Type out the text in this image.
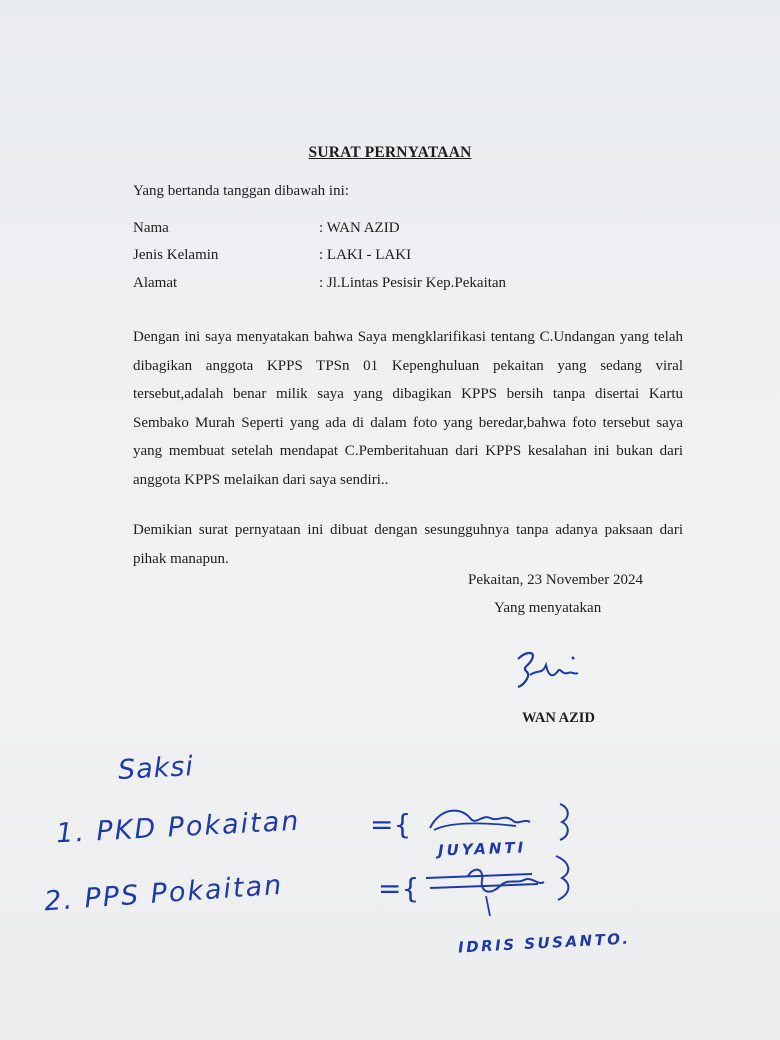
SURAT PERNYATAAN
Yang bertanda tanggan dibawah ini:
Nama	: WAN AZID
Jenis Kelamin	: LAKI - LAKI
Alamat	: Jl.Lintas Pesisir Kep.Pekaitan
Dengan ini saya menyatakan bahwa Saya mengklarifikasi tentang C.Undangan yang telah dibagikan anggota KPPS TPSn 01 Kepenghuluan pekaitan yang sedang viral tersebut,adalah benar milik saya yang dibagikan KPPS bersih tanpa disertai Kartu Sembako Murah Seperti yang ada di dalam foto yang beredar,bahwa foto tersebut saya yang membuat setelah mendapat C.Pemberitahuan dari KPPS kesalahan ini bukan dari anggota KPPS melaikan dari saya sendiri..
Demikian surat pernyataan ini dibuat dengan sesungguhnya tanpa adanya paksaan dari pihak manapun.
Pekaitan, 23 November 2024
Yang menyatakan
WAN AZID
Saksi
1. PKD Pokaitan ={
JUYANTI
2. PPS Pokaitan	={
IDRIS SUSANTO.
